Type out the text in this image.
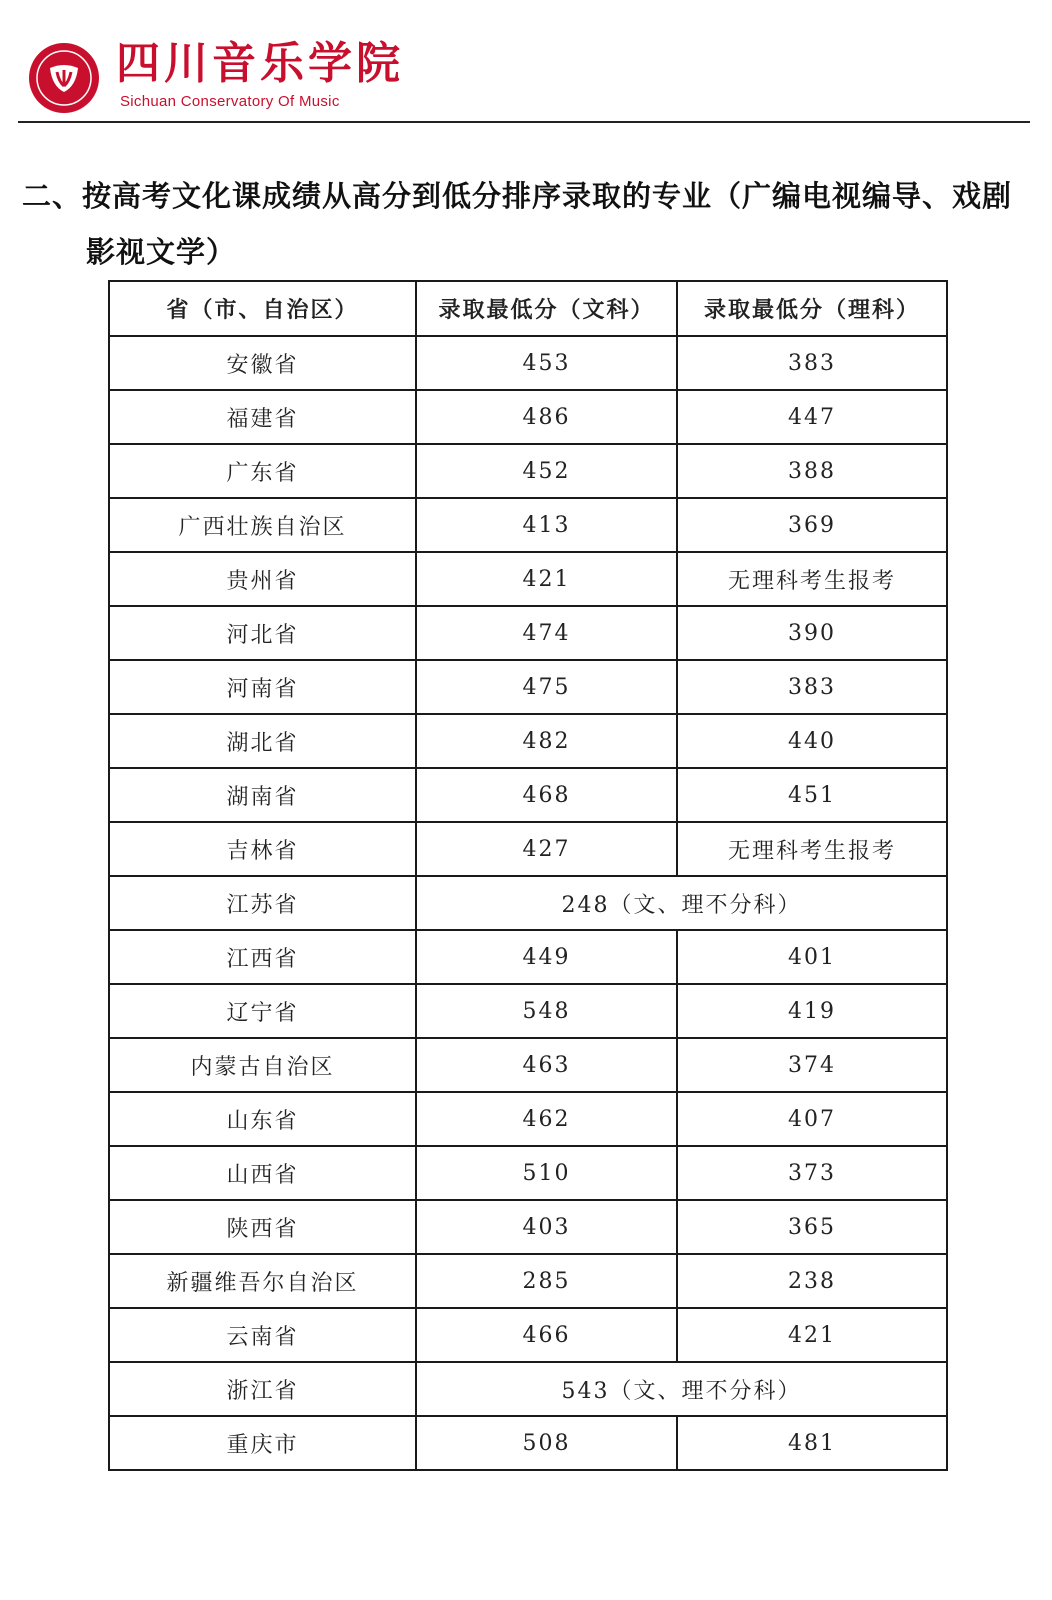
四川音乐学院
Sichuan Conservatory Of Music
二、按高考文化课成绩从高分到低分排序录取的专业（广编电视编导、戏剧影视文学）
省（市、自治区）	录取最低分（文科）	录取最低分（理科）
安徽省	453	383
福建省	486	447
广东省	452	388
广西壮族自治区	413	369
贵州省	421	无理科考生报考
河北省	474	390
河南省	475	383
湖北省	482	440
湖南省	468	451
吉林省	427	无理科考生报考
江苏省	248（文、理不分科）	
江西省	449	401
辽宁省	548	419
内蒙古自治区	463	374
山东省	462	407
山西省	510	373
陕西省	403	365
新疆维吾尔自治区	285	238
云南省	466	421
浙江省	543（文、理不分科）	
重庆市	508	481
